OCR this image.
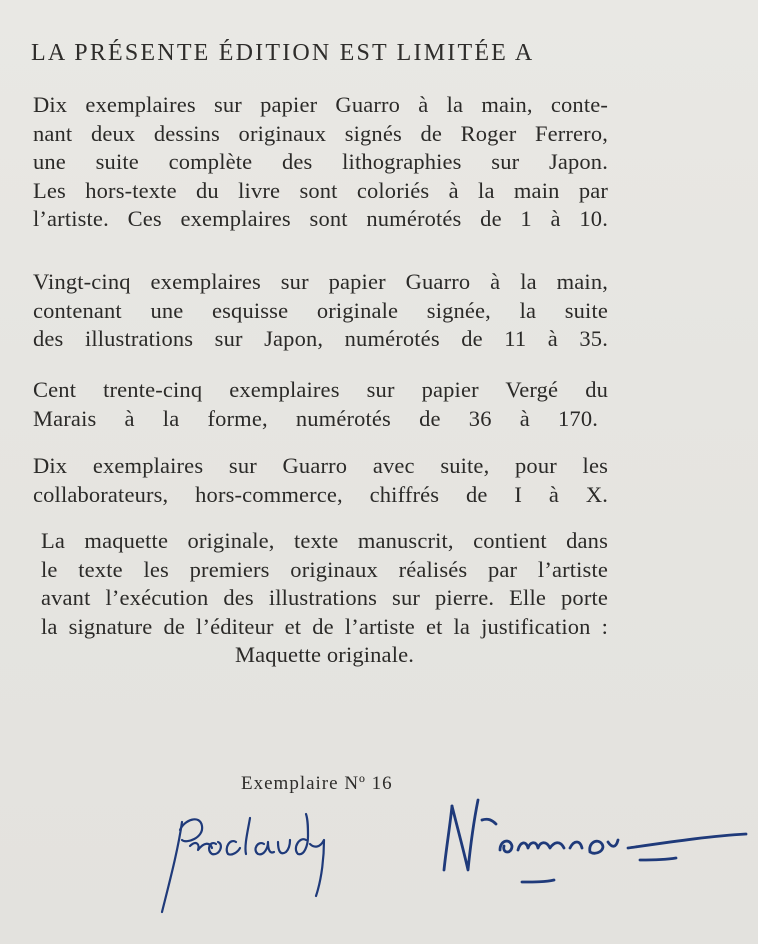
LA PRÉSENTE ÉDITION EST LIMITÉE A
Dix exemplaires sur papier Guarro à la main, conte-
nant deux dessins originaux signés de Roger Ferrero,
une suite complète des lithographies sur Japon.
Les hors-texte du livre sont coloriés à la main par
l’artiste. Ces exemplaires sont numérotés de 1 à 10.
Vingt-cinq exemplaires sur papier Guarro à la main,
contenant une esquisse originale signée, la suite
des illustrations sur Japon, numérotés de 11 à 35.
Cent trente-cinq exemplaires sur papier Vergé du
Marais à la forme, numérotés de 36 à 170.
Dix exemplaires sur Guarro avec suite, pour les
collaborateurs, hors-commerce, chiffrés de I à X.
La maquette originale, texte manuscrit, contient dans
le texte les premiers originaux réalisés par l’artiste
avant l’exécution des illustrations sur pierre. Elle porte
la signature de l’éditeur et de l’artiste et la justification :
Maquette originale.
Exemplaire Nº 16
